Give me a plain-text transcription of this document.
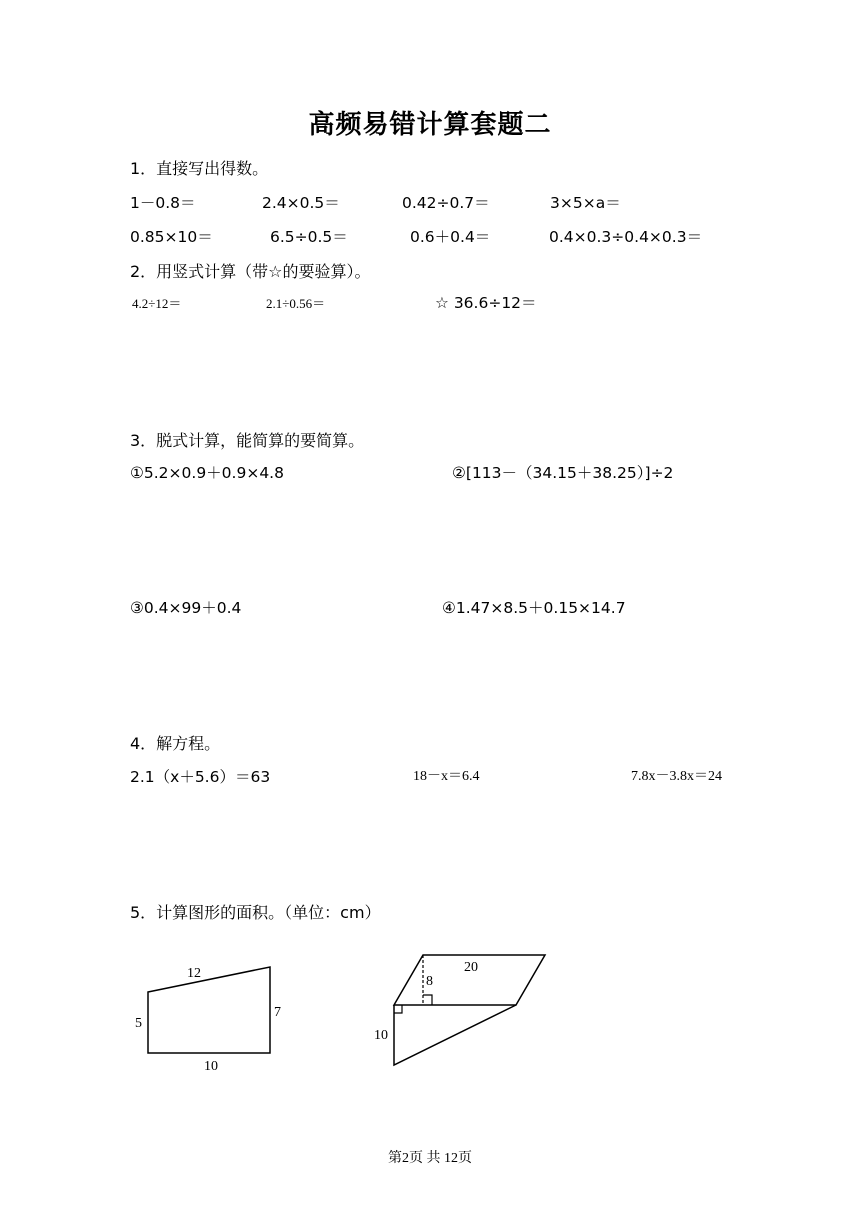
高频易错计算套题二
1．直接写出得数。
1－0.8＝	2.4×0.5＝	0.42÷0.7＝	3×5×a＝
0.85×10＝	6.5÷0.5＝	0.6＋0.4＝	0.4×0.3÷0.4×0.3＝
2．用竖式计算（带☆的要验算）。
4.2÷12＝	2.1÷0.56＝	☆ 36.6÷12＝
3．脱式计算，能简算的要简算。
①5.2×0.9＋0.9×4.8	②[113－（34.15＋38.25）]÷2
③0.4×99＋0.4	④1.47×8.5＋0.15×14.7
4．解方程。
2.1（x＋5.6）＝63	18－x＝6.4	7.8x－3.8x＝24
5．计算图形的面积。（单位：cm）
12
5
7
10
20
8
10
第2页 共 12页
